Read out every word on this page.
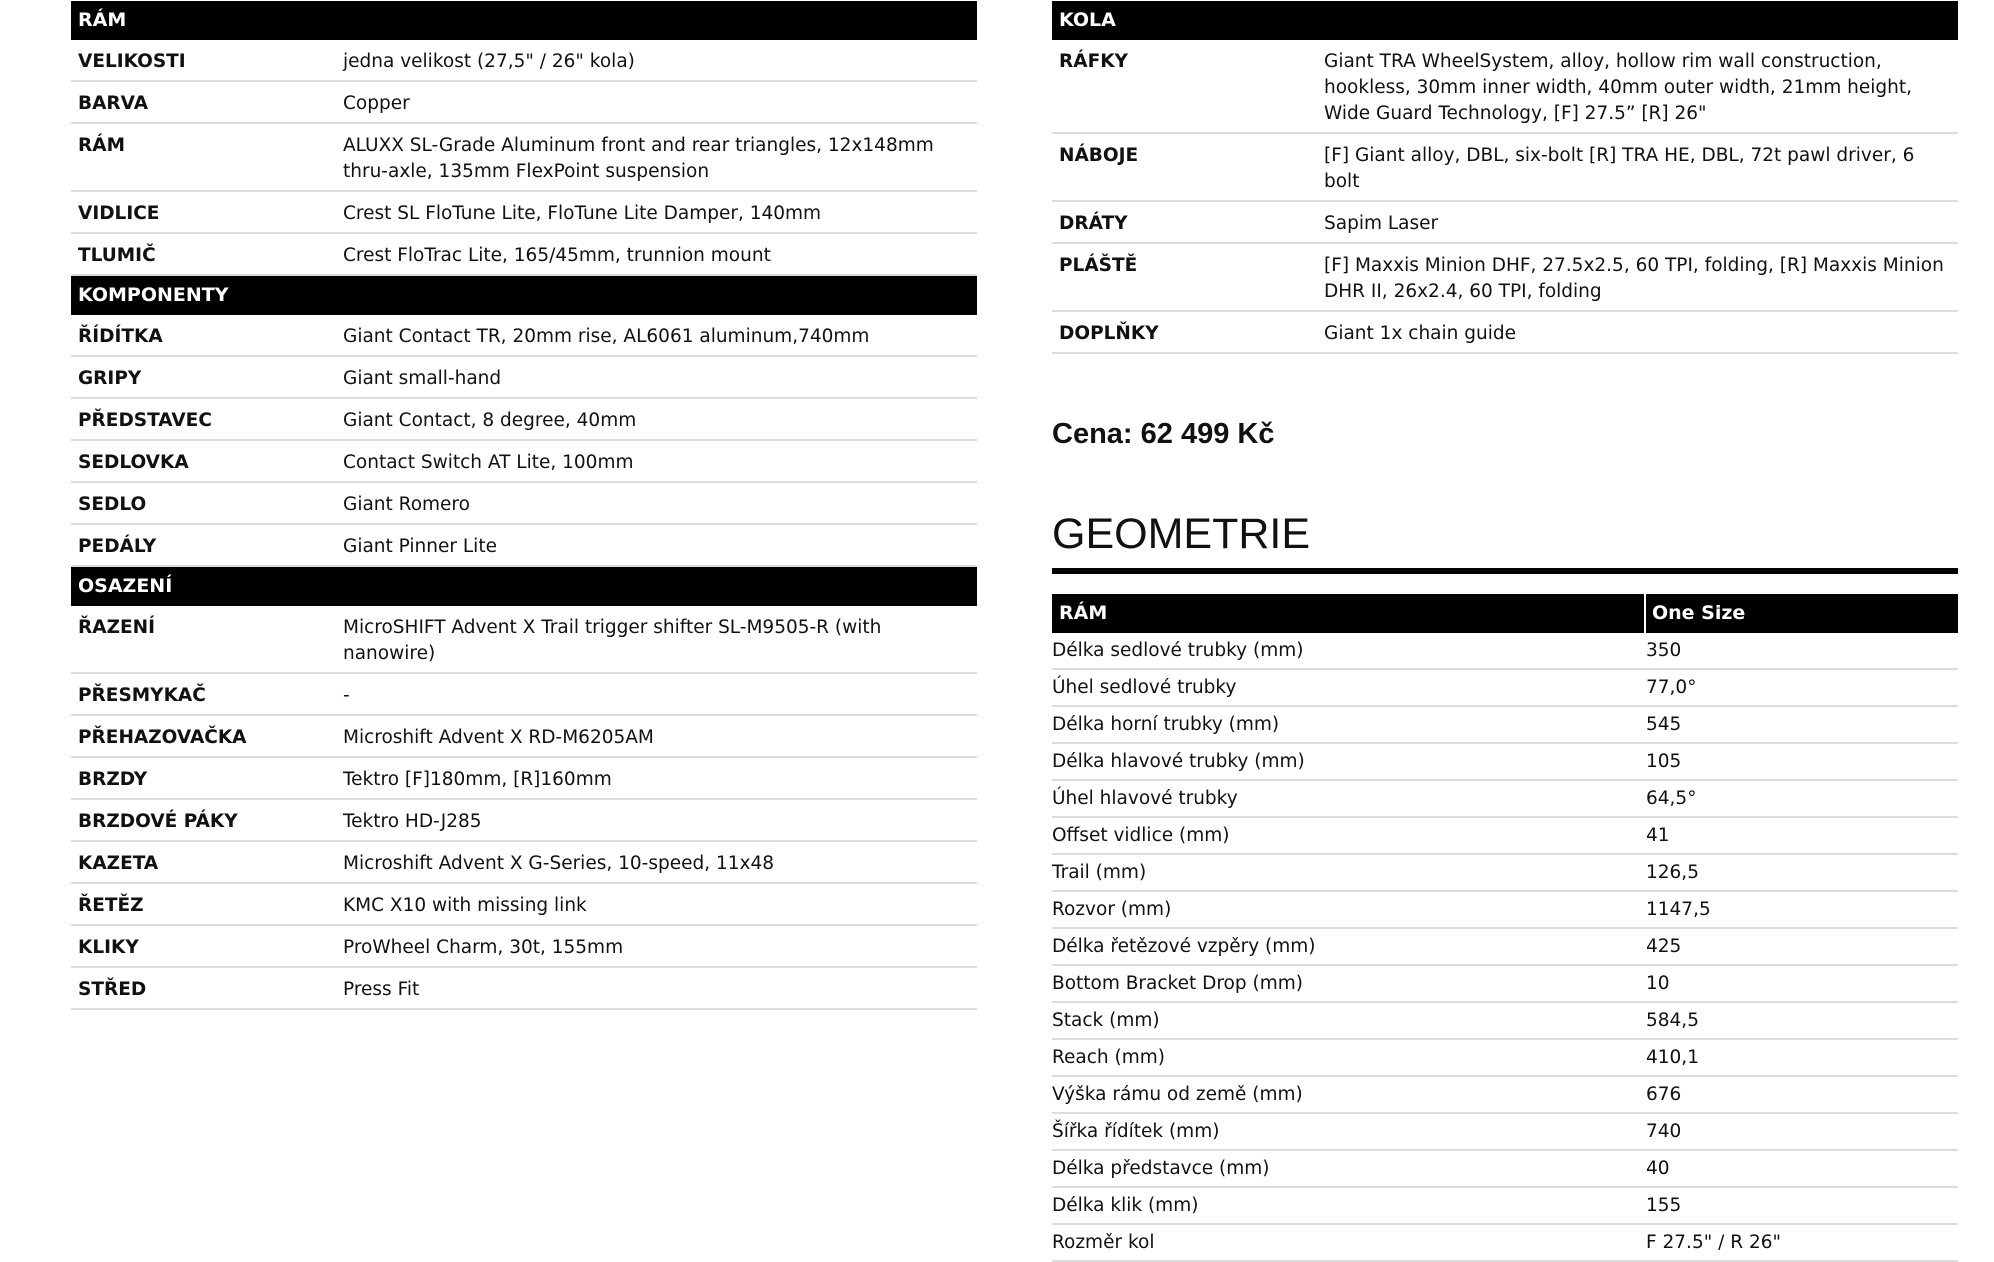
RÁM
VELIKOSTI	jedna velikost (27,5" / 26" kola)
BARVA	Copper
RÁM	ALUXX SL-Grade Aluminum front and rear triangles, 12x148mm thru-axle, 135mm FlexPoint suspension
VIDLICE	Crest SL FloTune Lite, FloTune Lite Damper, 140mm
TLUMIČ	Crest FloTrac Lite, 165/45mm, trunnion mount
KOMPONENTY
ŘÍDÍTKA	Giant Contact TR, 20mm rise, AL6061 aluminum,740mm
GRIPY	Giant small-hand
PŘEDSTAVEC	Giant Contact, 8 degree, 40mm
SEDLOVKA	Contact Switch AT Lite, 100mm
SEDLO	Giant Romero
PEDÁLY	Giant Pinner Lite
OSAZENÍ
ŘAZENÍ	MicroSHIFT Advent X Trail trigger shifter SL-M9505-R (with nanowire)
PŘESMYKAČ	-
PŘEHAZOVAČKA	Microshift Advent X RD-M6205AM
BRZDY	Tektro [F]180mm, [R]160mm
BRZDOVÉ PÁKY	Tektro HD-J285
KAZETA	Microshift Advent X G-Series, 10-speed, 11x48
ŘETĚZ	KMC X10 with missing link
KLIKY	ProWheel Charm, 30t, 155mm
STŘED	Press Fit
KOLA
RÁFKY	Giant TRA WheelSystem, alloy, hollow rim wall construction, hookless, 30mm inner width, 40mm outer width, 21mm height, Wide Guard Technology, [F] 27.5” [R] 26"
NÁBOJE	[F] Giant alloy, DBL, six-bolt [R] TRA HE, DBL, 72t pawl driver, 6 bolt
DRÁTY	Sapim Laser
PLÁŠTĚ	[F] Maxxis Minion DHF, 27.5x2.5, 60 TPI, folding, [R] Maxxis Minion DHR II, 26x2.4, 60 TPI, folding
DOPLŇKY	Giant 1x chain guide
Cena: 62 499 Kč
GEOMETRIE
RÁM	One Size
Délka sedlové trubky (mm)	350
Úhel sedlové trubky	77,0°
Délka horní trubky (mm)	545
Délka hlavové trubky (mm)	105
Úhel hlavové trubky	64,5°
Offset vidlice (mm)	41
Trail (mm)	126,5
Rozvor (mm)	1147,5
Délka řetězové vzpěry (mm)	425
Bottom Bracket Drop (mm)	10
Stack (mm)	584,5
Reach (mm)	410,1
Výška rámu od země (mm)	676
Šířka řídítek (mm)	740
Délka představce (mm)	40
Délka klik (mm)	155
Rozměr kol	F 27.5" / R 26"
